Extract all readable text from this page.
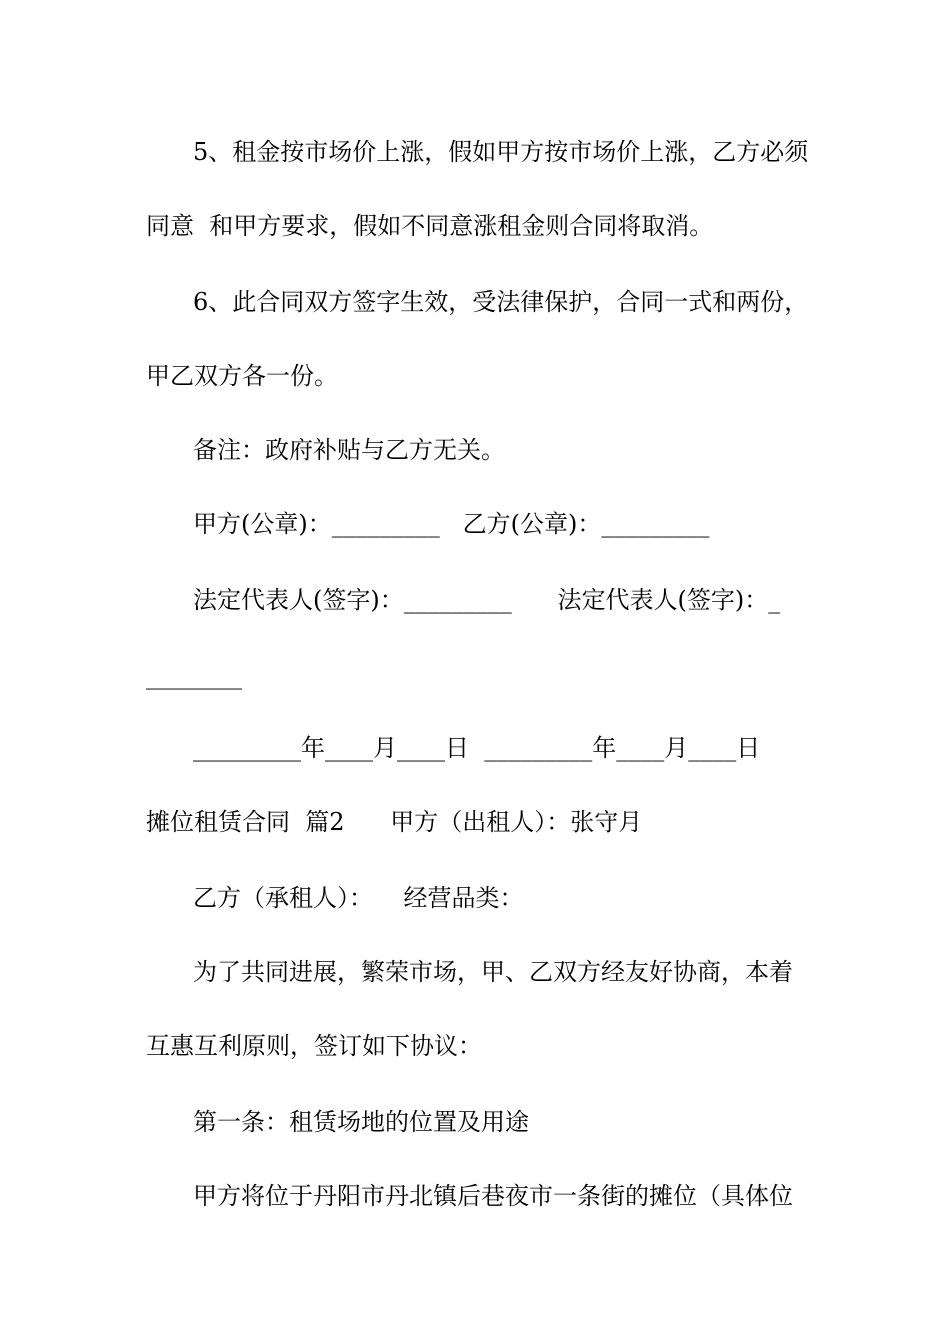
5、租金按市场价上涨，假如甲方按市场价上涨，乙方必须
同意  和甲方要求，假如不同意涨租金则合同将取消。
6、此合同双方签字生效，受法律保护，合同一式和两份，
甲乙双方各一份。
备注：政府补贴与乙方无关。
甲方(公章)：_________   乙方(公章)：_________
法定代表人(签字)：_________      法定代表人(签字)：_
________
_________年____月____日  _________年____月____日
摊位租赁合同  篇2      甲方（出租人）：张守月
乙方（承租人）：    经营品类：
为了共同进展，繁荣市场，甲、乙双方经友好协商，本着
互惠互利原则，签订如下协议：
第一条：租赁场地的位置及用途
甲方将位于丹阳市丹北镇后巷夜市一条街的摊位（具体位
